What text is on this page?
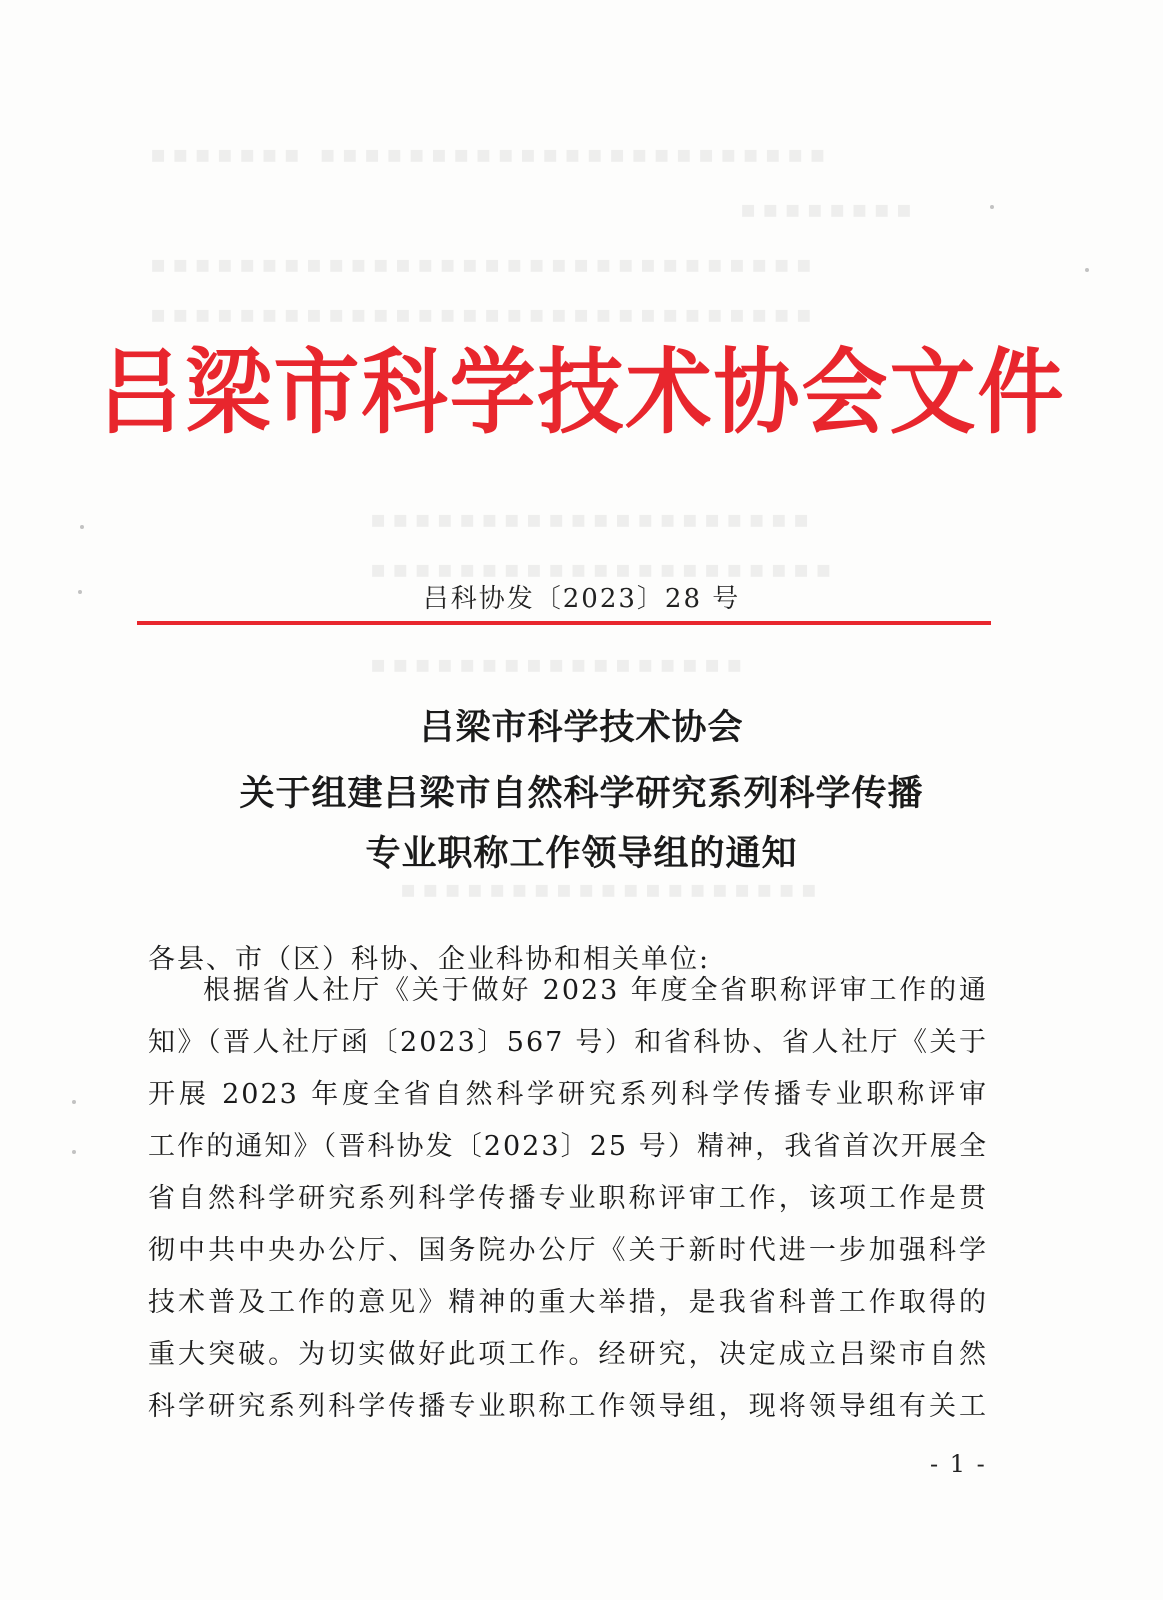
▪▪▪▪▪▪▪ ▪▪▪▪▪▪▪▪▪▪▪▪▪▪▪▪▪▪▪▪▪▪▪
▪▪▪▪▪▪▪▪
▪▪▪▪▪▪▪▪▪▪▪▪▪▪▪▪▪▪▪▪▪▪▪▪▪▪▪▪▪▪
▪▪▪▪▪▪▪▪▪▪▪▪▪▪▪▪▪▪▪▪▪▪▪▪▪▪▪▪▪▪
▪▪▪▪▪▪▪▪▪▪▪▪▪▪▪▪▪▪▪▪
▪▪▪▪▪▪▪▪▪▪▪▪▪▪▪▪▪▪▪▪▪
▪▪▪▪▪▪▪▪▪▪▪▪▪▪▪▪▪
▪▪▪▪▪▪▪▪▪▪▪▪▪▪▪▪▪▪▪
吕梁市科学技术协会文件
吕科协发〔2023〕28 号
吕梁市科学技术协会
关于组建吕梁市自然科学研究系列科学传播
专业职称工作领导组的通知
各县、市（区）科协、企业科协和相关单位:
根据省人社厅《关于做好 2023 年度全省职称评审工作的通
知》（晋人社厅函〔2023〕567 号）和省科协、省人社厅《关于
开展 2023 年度全省自然科学研究系列科学传播专业职称评审
工作的通知》（晋科协发〔2023〕25 号）精神，我省首次开展全
省自然科学研究系列科学传播专业职称评审工作，该项工作是贯
彻中共中央办公厅、国务院办公厅《关于新时代进一步加强科学
技术普及工作的意见》精神的重大举措，是我省科普工作取得的
重大突破。为切实做好此项工作。经研究，决定成立吕梁市自然
科学研究系列科学传播专业职称工作领导组，现将领导组有关工
- 1 -
